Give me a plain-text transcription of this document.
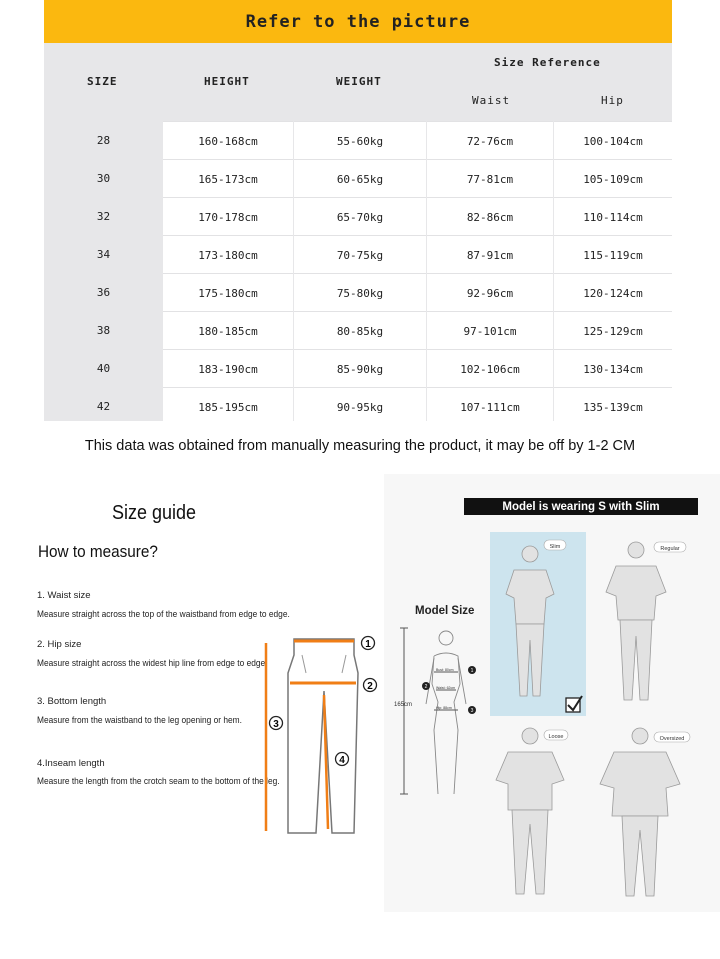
Refer to the picture
SIZE	HEIGHT	WEIGHT
Size Reference
Waist	Hip
28	160-168cm	55-60kg	72-76cm	100-104cm
30	165-173cm	60-65kg	77-81cm	105-109cm
32	170-178cm	65-70kg	82-86cm	110-114cm
34	173-180cm	70-75kg	87-91cm	115-119cm
36	175-180cm	75-80kg	92-96cm	120-124cm
38	180-185cm	80-85kg	97-101cm	125-129cm
40	183-190cm	85-90kg	102-106cm	130-134cm
42	185-195cm	90-95kg	107-111cm	135-139cm
This data was obtained from manually measuring the product, it may be off by 1-2 CM
Size guide
How to measure?
1. Waist size
Measure straight across the top of the waistband from edge to edge.
2. Hip size
Measure straight across the widest hip line from edge to edge.
3. Bottom length
Measure from the waistband to the leg opening or hem.
4.Inseam length
Measure the length from the crotch seam to the bottom of the leg.
1
2
3
4
Model is wearing S with Slim
Model Size
165cm
Bust: 80cm
Waist: 62cm
Hip: 88cm
1
2
3
Slim	Regular
Loose	Oversized
